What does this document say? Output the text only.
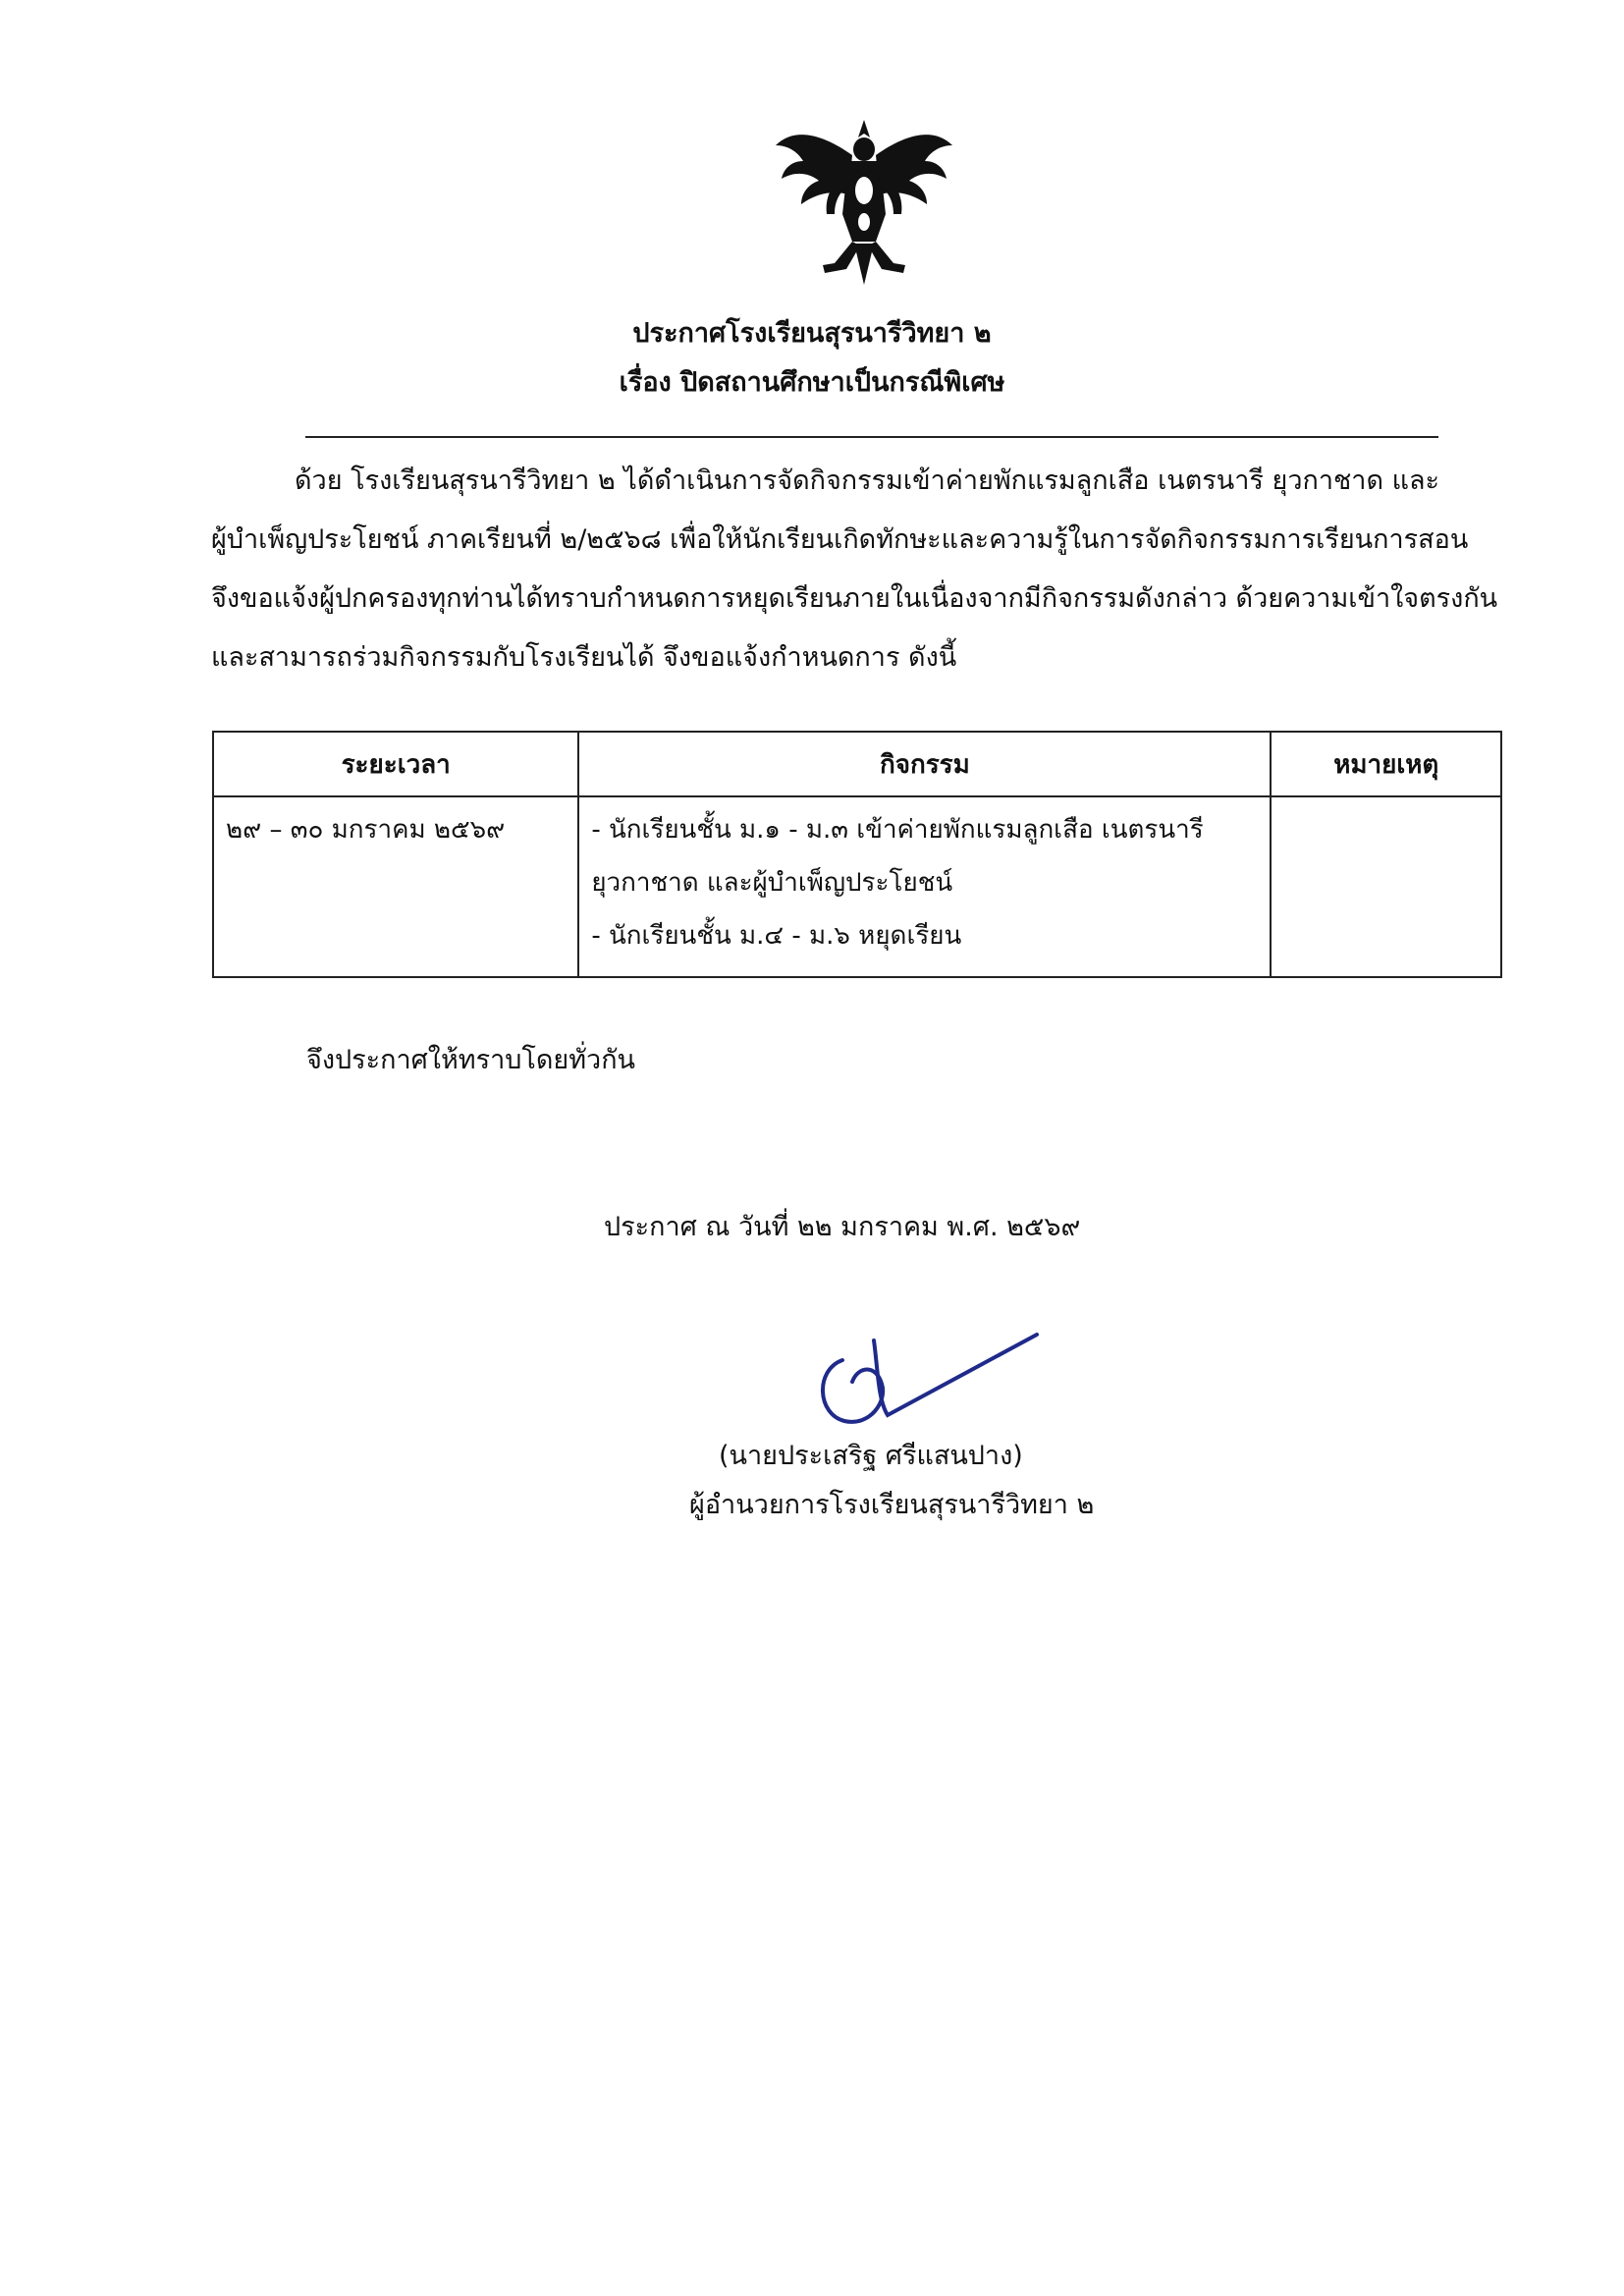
ประกาศโรงเรียนสุรนารีวิทยา ๒
เรื่อง ปิดสถานศึกษาเป็นกรณีพิเศษ
ด้วย โรงเรียนสุรนารีวิทยา ๒ ได้ดำเนินการจัดกิจกรรมเข้าค่ายพักแรมลูกเสือ เนตรนารี ยุวกาชาด และ
ผู้บำเพ็ญประโยชน์ ภาคเรียนที่ ๒/๒๕๖๘ เพื่อให้นักเรียนเกิดทักษะและความรู้ในการจัดกิจกรรมการเรียนการสอน
จึงขอแจ้งผู้ปกครองทุกท่านได้ทราบกำหนดการหยุดเรียนภายในเนื่องจากมีกิจกรรมดังกล่าว ด้วยความเข้าใจตรงกัน
และสามารถร่วมกิจกรรมกับโรงเรียนได้ จึงขอแจ้งกำหนดการ ดังนี้
ระยะเวลา	กิจกรรม	หมายเหตุ
๒๙ – ๓๐ มกราคม ๒๕๖๙	- นักเรียนชั้น ม.๑ - ม.๓ เข้าค่ายพักแรมลูกเสือ เนตรนารี
ยุวกาชาด และผู้บำเพ็ญประโยชน์
- นักเรียนชั้น ม.๔ - ม.๖ หยุดเรียน	

จึงประกาศให้ทราบโดยทั่วกัน
ประกาศ ณ วันที่ ๒๒ มกราคม พ.ศ. ๒๕๖๙
(นายประเสริฐ ศรีแสนปาง)
ผู้อำนวยการโรงเรียนสุรนารีวิทยา ๒
